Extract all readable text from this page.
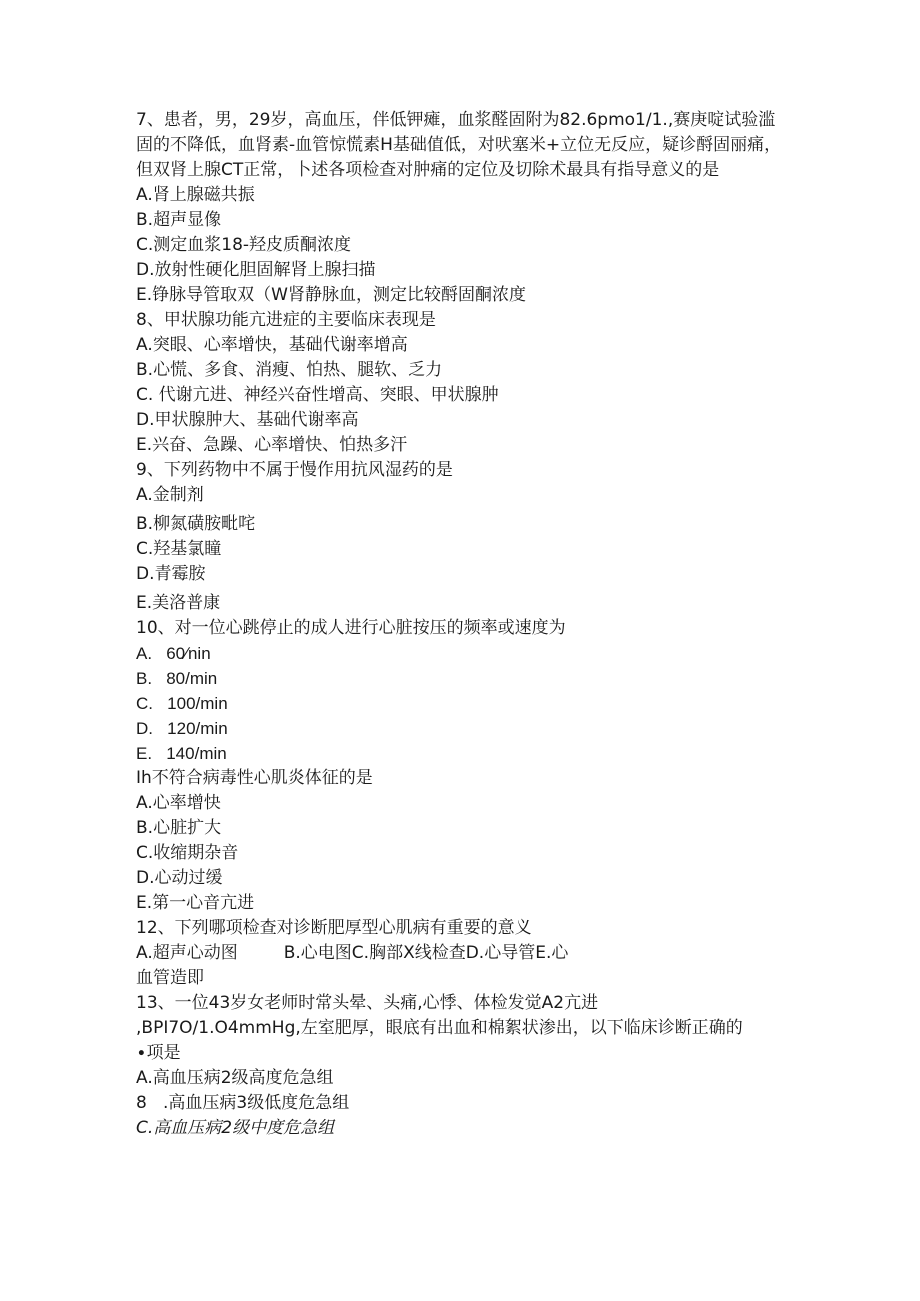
7、患者，男，29岁，高血压，伴低钾瘫，血浆醛固附为82.6pmo1∕1.,赛庚啶试验滥固的不降低，血肾素-血管惊慌素H基础值低，对吠塞米+立位无反应，疑诊酹固丽痛，但双肾上腺CT正常，卜述各项检查对肿痛的定位及切除术最具有指导意义的是
A.肾上腺磁共振
B.超声显像
C.测定血浆18-羟皮质酮浓度
D.放射性硬化胆固解肾上腺扫描
E.铮脉导管取双（W肾静脉血，测定比较酹固酮浓度
8、甲状腺功能亢进症的主要临床表现是
A.突眼、心率增快，基础代谢率增高
B.心慌、多食、消瘦、怕热、腿软、乏力
C. 代谢亢进、神经兴奋性增高、突眼、甲状腺肿
D.甲状腺肿大、基础代谢率高
E.兴奋、急躁、心率增快、怕热多汗
9、下列药物中不属于慢作用抗风湿药的是
A.金制剂
B.柳氮磺胺毗咤
C.羟基氯瞳
D.青霉胺
E.美洛普康
10、对一位心跳停止的成人进行心脏按压的频率或速度为
A.   60∕nin
B.   80/min
C.   100/min
D.   120/min
E.   140/min
Ih不符合病毒性心肌炎体征的是
A.心率增快
B.心脏扩大
C.收缩期杂音
D.心动过缓
E.第一心音亢进
12、下列哪项检查对诊断肥厚型心肌病有重要的意义
A.超声心动图	B.心电图C.胸部X线检查D.心导管E.心
血管造即
13、一位43岁女老师时常头晕、头痛,心悸、体检发觉A2亢进
,BPI7O∕1.O4mmHg,左室肥厚，眼底有出血和棉絮状渗出，以下临床诊断正确的
∙项是
A.高血压病2级高度危急组
8   .高血压病3级低度危急组
C.高血压病2级中度危急组
